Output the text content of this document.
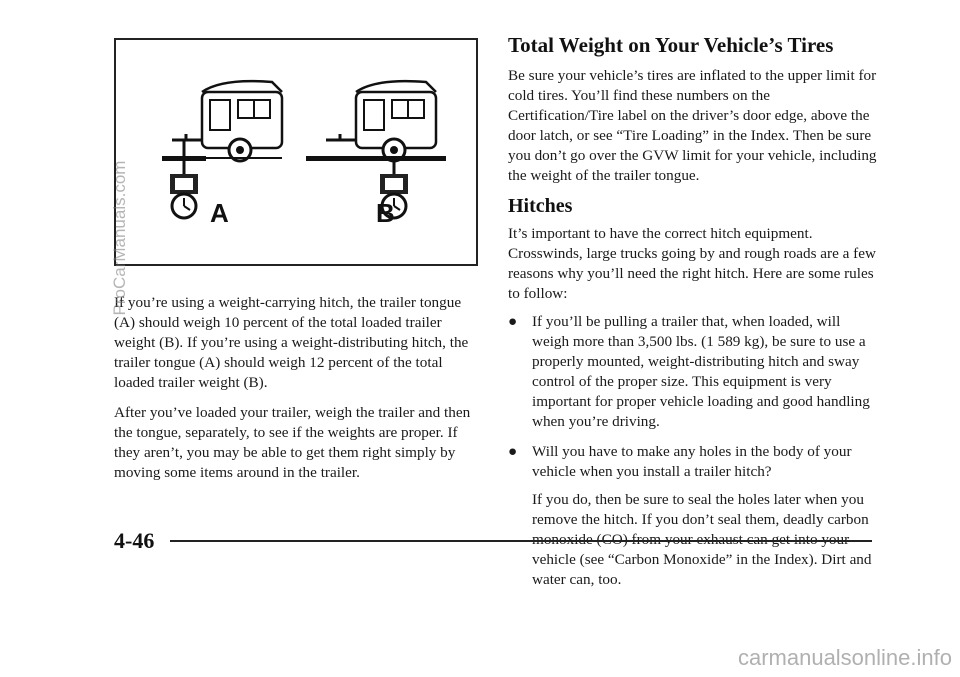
A	B

If you’re using a weight-carrying hitch, the trailer tongue (A) should weigh 10 percent of the total loaded trailer weight (B). If you’re using a weight-distributing hitch, the trailer tongue (A) should weigh 12 percent of the total loaded trailer weight (B).

After you’ve loaded your trailer, weigh the trailer and then the tongue, separately, to see if the weights are proper. If they aren’t, you may be able to get them right simply by moving some items around in the trailer.

Total Weight on Your Vehicle’s Tires

Be sure your vehicle’s tires are inflated to the upper limit for cold tires. You’ll find these numbers on the Certification/Tire label on the driver’s door edge, above the door latch, or see “Tire Loading” in the Index. Then be sure you don’t go over the GVW limit for your vehicle, including the weight of the trailer tongue.

Hitches

It’s important to have the correct hitch equipment. Crosswinds, large trucks going by and rough roads are a few reasons why you’ll need the right hitch. Here are some rules to follow:

● If you’ll be pulling a trailer that, when loaded, will weigh more than 3,500 lbs. (1 589 kg), be sure to use a properly mounted, weight-distributing hitch and sway control of the proper size. This equipment is very important for proper vehicle loading and good handling when you’re driving.
● Will you have to make any holes in the body of your vehicle when you install a trailer hitch?

If you do, then be sure to seal the holes later when you remove the hitch. If you don’t seal them, deadly carbon vehicle (see “Carbon Monoxide” in the Index). Dirt and water can, too.

4-46
ProCarManuals.com
carmanualsonline.info
